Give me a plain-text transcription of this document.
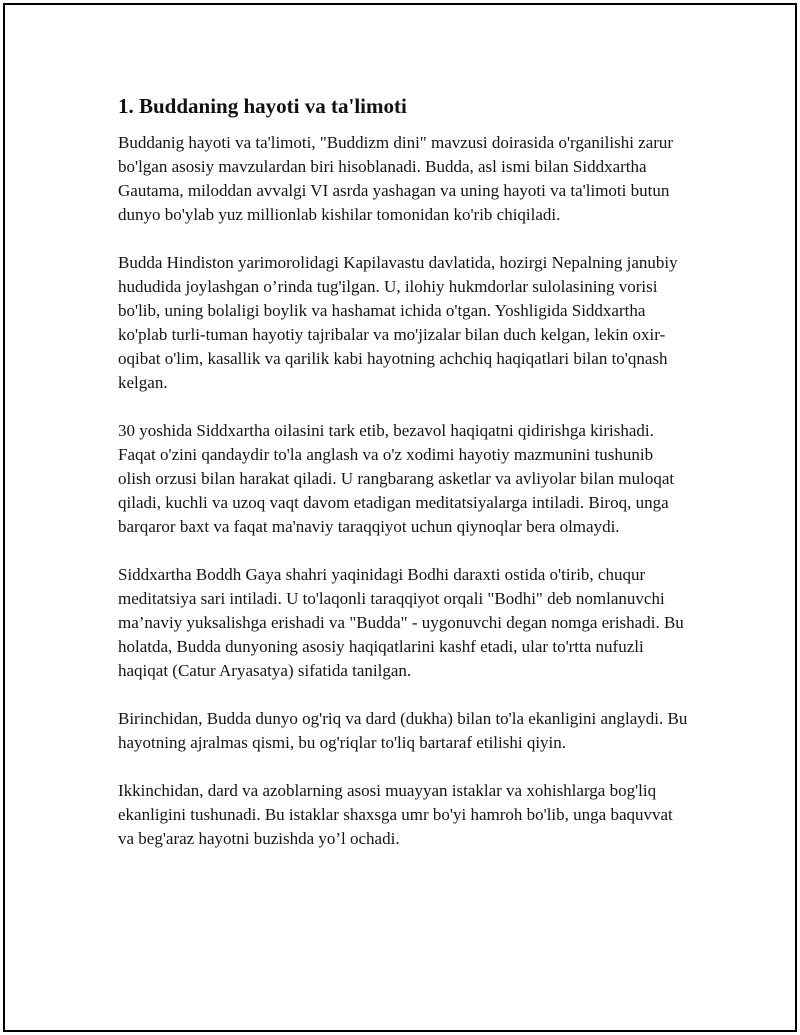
1. Buddaning hayoti va ta'limoti

Buddanig hayoti va ta'limoti, "Buddizm dini" mavzusi doirasida o'rganilishi zarur bo'lgan asosiy mavzulardan biri hisoblanadi. Budda, asl ismi bilan Siddxartha Gautama, miloddan avvalgi VI asrda yashagan va uning hayoti va ta'limoti butun dunyo bo'ylab yuz millionlab kishilar tomonidan ko'rib chiqiladi.

Budda Hindiston yarimorolidagi Kapilavastu davlatida, hozirgi Nepalning janubiy hududida joylashgan o’rinda tug'ilgan. U, ilohiy hukmdorlar sulolasining vorisi bo'lib, uning bolaligi boylik va hashamat ichida o'tgan. Yoshligida Siddxartha ko'plab turli-tuman hayotiy tajribalar va mo'jizalar bilan duch kelgan, lekin oxir-oqibat o'lim, kasallik va qarilik kabi hayotning achchiq haqiqatlari bilan to'qnash kelgan.

30 yoshida Siddxartha oilasini tark etib, bezavol haqiqatni qidirishga kirishadi. Faqat o'zini qandaydir to'la anglash va o'z xodimi hayotiy mazmunini tushunib olish orzusi bilan harakat qiladi. U rangbarang asketlar va avliyolar bilan muloqat qiladi, kuchli va uzoq vaqt davom etadigan meditatsiyalarga intiladi. Biroq, unga barqaror baxt va faqat ma'naviy taraqqiyot uchun qiynoqlar bera olmaydi.

Siddxartha Boddh Gaya shahri yaqinidagi Bodhi daraxti ostida o'tirib, chuqur meditatsiya sari intiladi. U to'laqonli taraqqiyot orqali "Bodhi" deb nomlanuvchi ma’naviy yuksalishga erishadi va "Budda" - uygonuvchi degan nomga erishadi. Bu holatda, Budda dunyoning asosiy haqiqatlarini kashf etadi, ular to'rtta nufuzli haqiqat (Catur Aryasatya) sifatida tanilgan.

Birinchidan, Budda dunyo og'riq va dard (dukha) bilan to'la ekanligini anglaydi. Bu hayotning ajralmas qismi, bu og'riqlar to'liq bartaraf etilishi qiyin.

Ikkinchidan, dard va azoblarning asosi muayyan istaklar va xohishlarga bog'liq ekanligini tushunadi. Bu istaklar shaxsga umr bo'yi hamroh bo'lib, unga baquvvat va beg'araz hayotni buzishda yo’l ochadi.
